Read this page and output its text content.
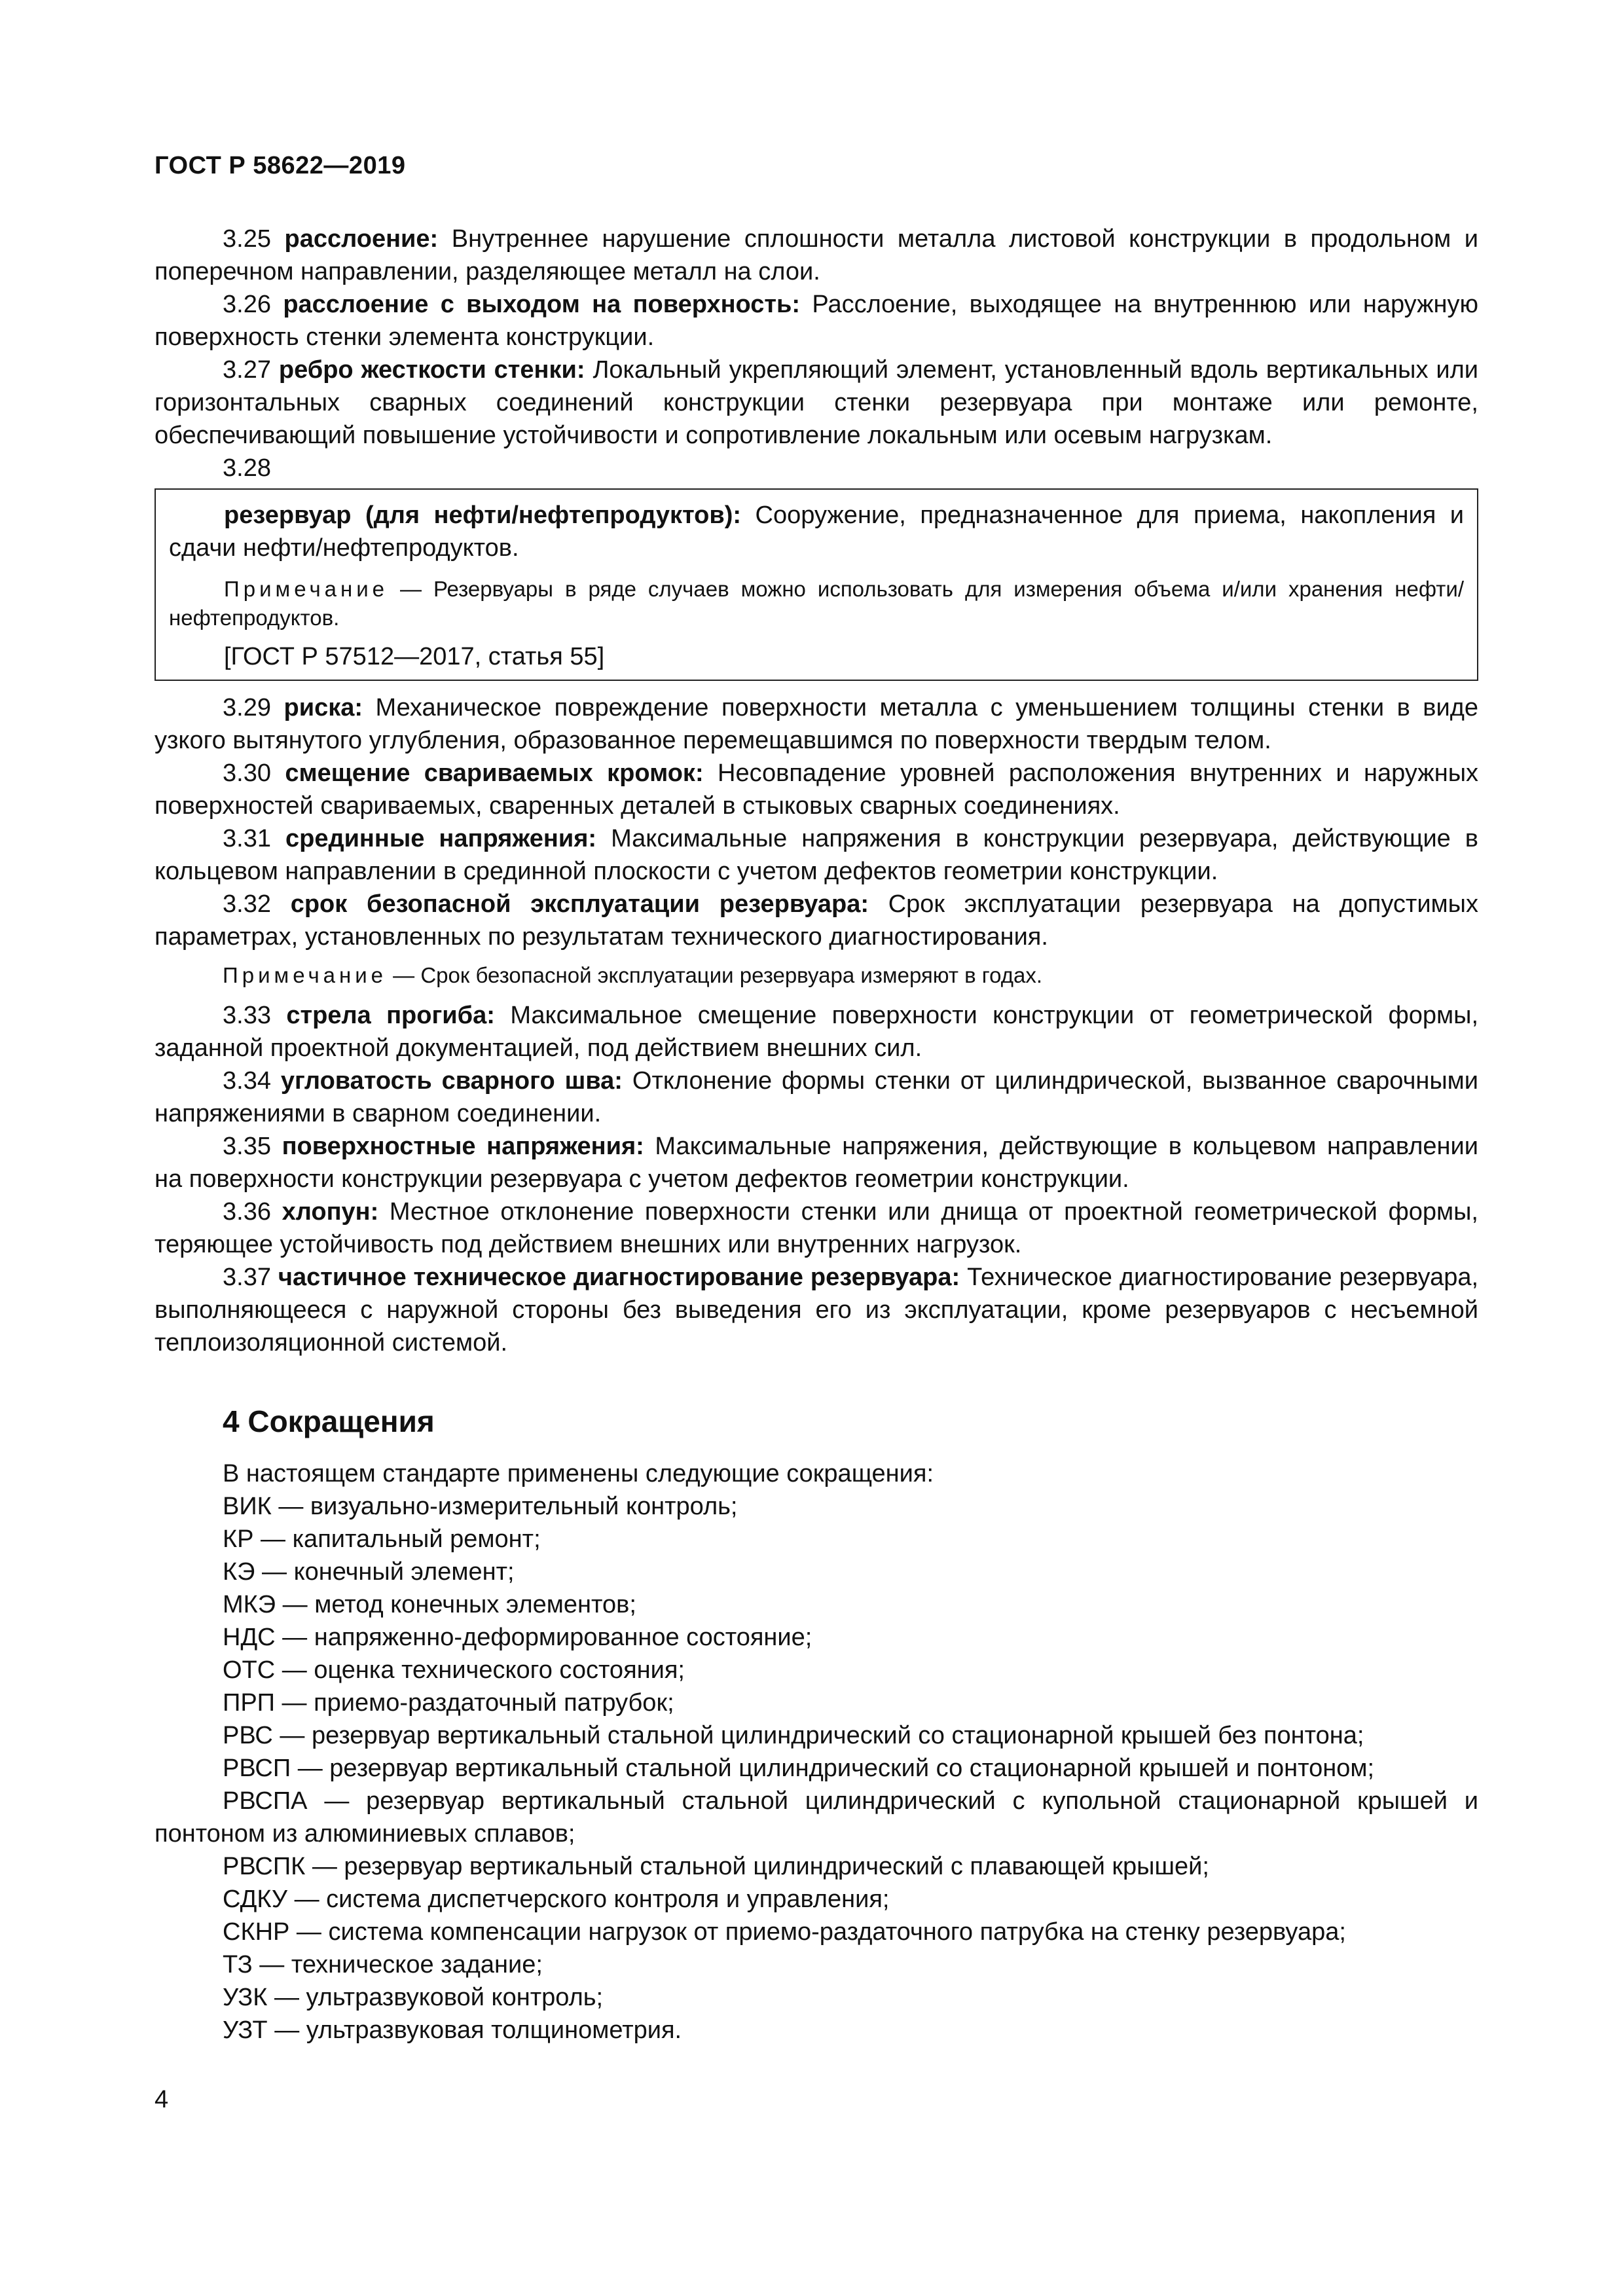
ГОСТ Р 58622—2019

3.25 расслоение: Внутреннее нарушение сплошности металла листовой конструкции в продольном и поперечном направлении, разделяющее металл на слои.

3.26 расслоение с выходом на поверхность: Расслоение, выходящее на внутреннюю или наружную поверхность стенки элемента конструкции.

3.27 ребро жесткости стенки: Локальный укрепляющий элемент, установленный вдоль вертикальных или горизонтальных сварных соединений конструкции стенки резервуара при монтаже или ремонте, обеспечивающий повышение устойчивости и сопротивление локальным или осевым нагрузкам.

3.28

резервуар (для нефти/нефтепродуктов): Сооружение, предназначенное для приема, накопления и сдачи нефти/нефтепродуктов.

Примечание — Резервуары в ряде случаев можно использовать для измерения объема и/или хранения нефти/нефтепродуктов.

[ГОСТ Р 57512—2017, статья 55]

3.29 риска: Механическое повреждение поверхности металла с уменьшением толщины стенки в виде узкого вытянутого углубления, образованное перемещавшимся по поверхности твердым телом.

3.30 смещение свариваемых кромок: Несовпадение уровней расположения внутренних и наружных поверхностей свариваемых, сваренных деталей в стыковых сварных соединениях.

3.31 срединные напряжения: Максимальные напряжения в конструкции резервуара, действующие в кольцевом направлении в срединной плоскости с учетом дефектов геометрии конструкции.

3.32 срок безопасной эксплуатации резервуара: Срок эксплуатации резервуара на допустимых параметрах, установленных по результатам технического диагностирования.

Примечание — Срок безопасной эксплуатации резервуара измеряют в годах.

3.33 стрела прогиба: Максимальное смещение поверхности конструкции от геометрической формы, заданной проектной документацией, под действием внешних сил.

3.34 угловатость сварного шва: Отклонение формы стенки от цилиндрической, вызванное сварочными напряжениями в сварном соединении.

3.35 поверхностные напряжения: Максимальные напряжения, действующие в кольцевом направлении на поверхности конструкции резервуара с учетом дефектов геометрии конструкции.

3.36 хлопун: Местное отклонение поверхности стенки или днища от проектной геометрической формы, теряющее устойчивость под действием внешних или внутренних нагрузок.

3.37 частичное техническое диагностирование резервуара: Техническое диагностирование резервуара, выполняющееся с наружной стороны без выведения его из эксплуатации, кроме резервуаров с несъемной теплоизоляционной системой.

4 Сокращения

В настоящем стандарте применены следующие сокращения:

ВИК — визуально-измерительный контроль;

КР — капитальный ремонт;

КЭ — конечный элемент;

МКЭ — метод конечных элементов;

НДС — напряженно-деформированное состояние;

ОТС — оценка технического состояния;

ПРП — приемо-раздаточный патрубок;

РВС — резервуар вертикальный стальной цилиндрический со стационарной крышей без понтона;

РВСП — резервуар вертикальный стальной цилиндрический со стационарной крышей и понтоном;

РВСПА — резервуар вертикальный стальной цилиндрический с купольной стационарной крышей и понтоном из алюминиевых сплавов;

РВСПК — резервуар вертикальный стальной цилиндрический с плавающей крышей;

СДКУ — система диспетчерского контроля и управления;

СКНР — система компенсации нагрузок от приемо-раздаточного патрубка на стенку резервуара;

ТЗ — техническое задание;

УЗК — ультразвуковой контроль;

УЗТ — ультразвуковая толщинометрия.

4
